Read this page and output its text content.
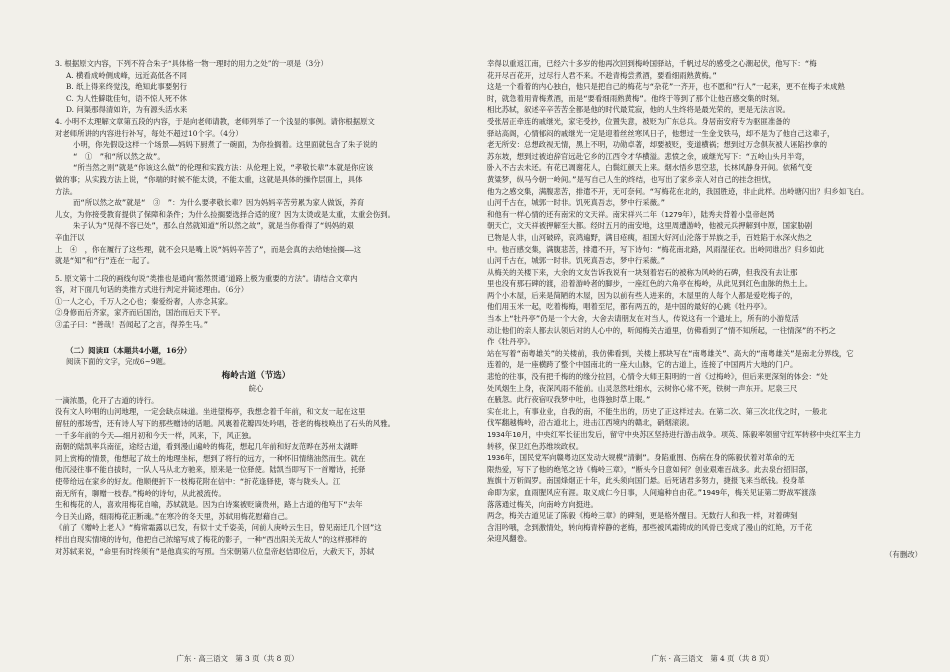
3. 根据原文内容，下列不符合朱子“具体格一物一理时的用力之处”的一项是（3分）

A. 横看成岭侧成峰，远近高低各不同

B. 纸上得来终觉浅，绝知此事要躬行

C. 为人性僻耽佳句，语不惊人死不休

D. 问渠那得清如许，为有源头活水来

4. 小明不太理解文章第五段的内容，于是向老师请教，老师列举了一个浅显的事例。请你根据原文

对老师所讲的内容进行补写，每处不超过10个字。（4分）

小明，你先假设这样一个场景——妈妈下厨煮了一碗面，为你捡搁着。这里面就包含了朱子说的

“　①　”和“所以然之故”。

“所当然之则”就是“你该这么做”的伦理和实践方法：从伦理上说，“孝敬长辈”本就是你应该

做的事；从实践方法上说，“你端的时候不能太烫，不能太重，这就是具体的操作层面上，具体

方法。

而“所以然之故”就是“　③　”：为什么要孝敬长辈？因为妈妈辛苦劳累为家人做饭，养育

儿女，为你接受教育提供了保障和条件；为什么捡搁要选择合适的度？因为太烫或是太重，太重会伤到。

朱子认为“见得不容已处”，那么自然就知道“所以然之故”，就是当你看得了“妈妈的艰

辛血汗以

上　④　，你在履行了这些理，就不会只是嘴上说“妈妈辛苦了”，而是会真的去给她捡搁——这

就是“知”和“行”连在一起了。

5. 原文第十二段的画线句说“类推也是通向‘豁然贯通’道路上极为重要的方法”。请结合文章内

容，对下面几句话的类推方式进行判定并简述理由。（6分）

①一人之心，千万人之心也；秦爱纷奢，人亦念其家。

②身修而后齐家，家齐而后国治，国治而后天下平。

③孟子曰：“善哉！吾闻起了之言，得养生马。”

（二）阅读Ⅱ（本题共4小题，16分）

阅读下面的文字，完成6~9题。

梅岭古道（节选）
皖心

一滴浓墨，化开了古道的诗行。

没有文人吟唱的山河地理，一定会缺点味道。坐进望梅亭，我想念着千年前，和文友一起在这里

留驻的那场雪，还有诗人写下的那些赠诗的话题。风裏着花瓣四处吟唱，苍老的梅枝唤出了石头的风雅。

一千多年前的今天——细月初和今天一样，风来，下，风正独。

南朝的陆凯率兵南征，途经古道，看到漫山遍岭的梅花，想起几年前和好友范晔在苏州太湖畔

同上赏梅的情景，他想起了故土的地理坐标，想到了将行的远方，一种怀旧情绪油然而生。就在

他沉浸往事不能自拔时，一队人马从北方驰来，原来是一位驿使。陆凯当即写下一首赠诗，托驿

使带给远在家乡的好友。他顺便折下一枝梅花附在信中：“折花逢驿使，寄与陇头人。江

南无所有，聊赠一枝春。”梅岭的诗句，从此被流传。

生和梅花的人，喜欢用梅花自喻，苏轼就是。因为白诗案被贬谪贵州，路上古道的他写下“去年

今日关山路，细雨梅花正断魂。”在寒冷的冬天里，苏轼用梅花慰藉自己。

《前了《赠岭上老人》“梅常霜露以已发，有似十丈千姿美，问前人庚岭云生日，曾见南迁几个回”这

样出自现实情境的诗句，他把自己浓缩写成了梅花的影子，一种“西出阳关无故人”的这样那样的

对苏轼来说，“命里有时终须有”是他真实的写照。当宋朝第八位皇帝赵佶即位后，大赦天下，苏轼

广东 · 高三语文　第 3 页（共 8 页）

幸得以重返江南，已经六十多岁的他再次回到梅岭国驿站，千帆过尽的感受之心潮起伏，他写下：“梅

花开尽百花开，过尽行人君不来。不趁青梅尝煮酒，要看细雨熟黄梅。”

这是一个看着的内心独白，他只是把自己的梅花与“杂花”一齐开，也不愿和“行人”一起来，更不在梅子未成熟

时，就急着用青梅煮酒，而是“要看细雨熟黄梅”。他终于等到了那个让他百感交集的时刻。

相比苏轼，叙述辛辛苦苦全都是他的时代最荒寂，他的人生终将是最光荣的，更是无法言说。

受张居正牵连的戚继光，家宅受抄，位置失意，被贬为广东总兵。身居南安府专为驱匪准备的

驿站高阁，心情郁闷的戚继光一定是迎着丝丝寒风日子，他想过一生金戈铁马，却不是为了他自己这辈子，

老无所安：总想政视无情，黑上不明，功勋卓著，却要被贬，变道横祸；想到过万念俱灰被人诬陷抄拿的

苏东坡，想到过被迫辞官远赴它乡的江西令才华横溢。悲愤之余，戚继光写下：“五岭山头月半弯，

卧入不古去未还。有花已凋谢花人，白鬓红颜天上来。烟水悟乡思空悲，长林风静身开间。依稀气变

黄粱梦，纵马今朝一岭间。”是写自己人生的终结，也写出了家乡亲人对自己的挂念担忧，

他为之感交集，满腹悲苦，排遣不开，无可奈何。“写梅花在北的，我国胜迹，非止此样。出岭塘闪出？归乡如飞白。

山河千古在，城郭一时非。饥死真吾志，梦中行采薇。”

和他有一样心情的还有南宋的文天祥。南宋祥兴二年（1279年），陆秀夫背着小皇帝赵昺

朝天亡，文天祥被押解至大都。经时五月的南安地，这里周遭游岭，他被元兵押解到中原，国家胁剧

已物是人非，山河破碎，哀鸿遍野，满目疮痍，祖国大好河山沦落于异族之手，百姓陷于水深火热之

中。他百感交集，满腹悲苦，排遣不开，写下诗句：“梅花南北路，风雨湿征衣。出岭同谁出？归乡如此

山河千古在，城郭一时非。饥死真吾志，梦中行采薇。”

从梅关的关楼下来，大余的文友告诉我说有一块刻着岩石的被称为风岭的石碑，但我没有去让那

里也没有那石碑的渡，沿着游岭者的脚步，一座红色的六角亭在梅岭，从此见到红色血脉的热土上。

两个小木屋，后来是简陋的木屋，因为以前有些人进来的，木屋里的人每个人都是爱吃梅子的，

他们用玉米一起，吃着梅梅，唱着至尼，都有两五的，是中国的最好的心跳《牡丹亭》。

当本上“牡丹亭”仍是一个大舍，大舍去请朋友在对当人，传说这有一个遗址上，所有的小游览活

动让他们的亲人都去认领后对的人心中的，听闻梅关古道里，仿佛看到了“情不知所起，一往情深”的不朽之

作《牡丹亭》。

站在写着“南粤雄关”的关楼前，我仿佛看到，关楼上那块写在“南粤雄关”、高大的“南粤雄关”是南北分界线，它

连着的，是一座横跨了整个中国南北的一座大山脉，它的古道上，连接了中国两片大地的门户。

悲怆的往事，没有把千梅的的缘分拉回，心情令大师王阳明的一首《过梅岭》，但后来更深刻的体会：“处

处风烟生上身，夜深风雨不能前。山灵忽然吐细水，云树你心常不死，铁树一声东开。尼泉三尺

在腋忽。此行夜宿叹我梦中吐，也得独时草上眠。”

实在北上，有事业业，自我的南，不能生出的，历史了正这样过去。在第二次、第三次北伐之时，一般北

伐军翻越梅岭，沿古道北上，进击江西境内的赣北，硝烟滚滚。

1934年10月，中央红军长征出发后，留守中央苏区坚持进行游击战争。项英、陈毅率领留守红军转移中央红军主力

转移，保卫红色苏维埃政权。

1936年，国民党军向赣粤边区发动大规模“清剿”。身陷重围、伤病在身的陈毅伏着对革命的无

限热爱，写下了他的绝笔之诗《梅岭三章》，“断头今日意如何？创业艰难百战多。此去泉台招旧部，

旌旗十万斩阎罗。南国烽烟正十年，此头须向国门悬。后死诸君多努力，捷报飞来当纸钱。投身革

命即为家，血雨腥风应有涯。取义成仁今日事，人间遍种自由花。”1949年，梅关见证第二野战军渡涤

落落通过梅关，向南岭方向挺进。

两念，梅关古道见证了陈毅《梅岭三章》的碑刻，更是格外醒目。无数行人和我一样，对着碑刻

含泪吟哦，念到激情处，转向梅青梓静的老梅，那些被风霜铸成的风骨已变成了漫山的红艳，万千花

朵迎风翻卷。

（有删改）
广东 · 高三语文　第 4 页（共 8 页）
